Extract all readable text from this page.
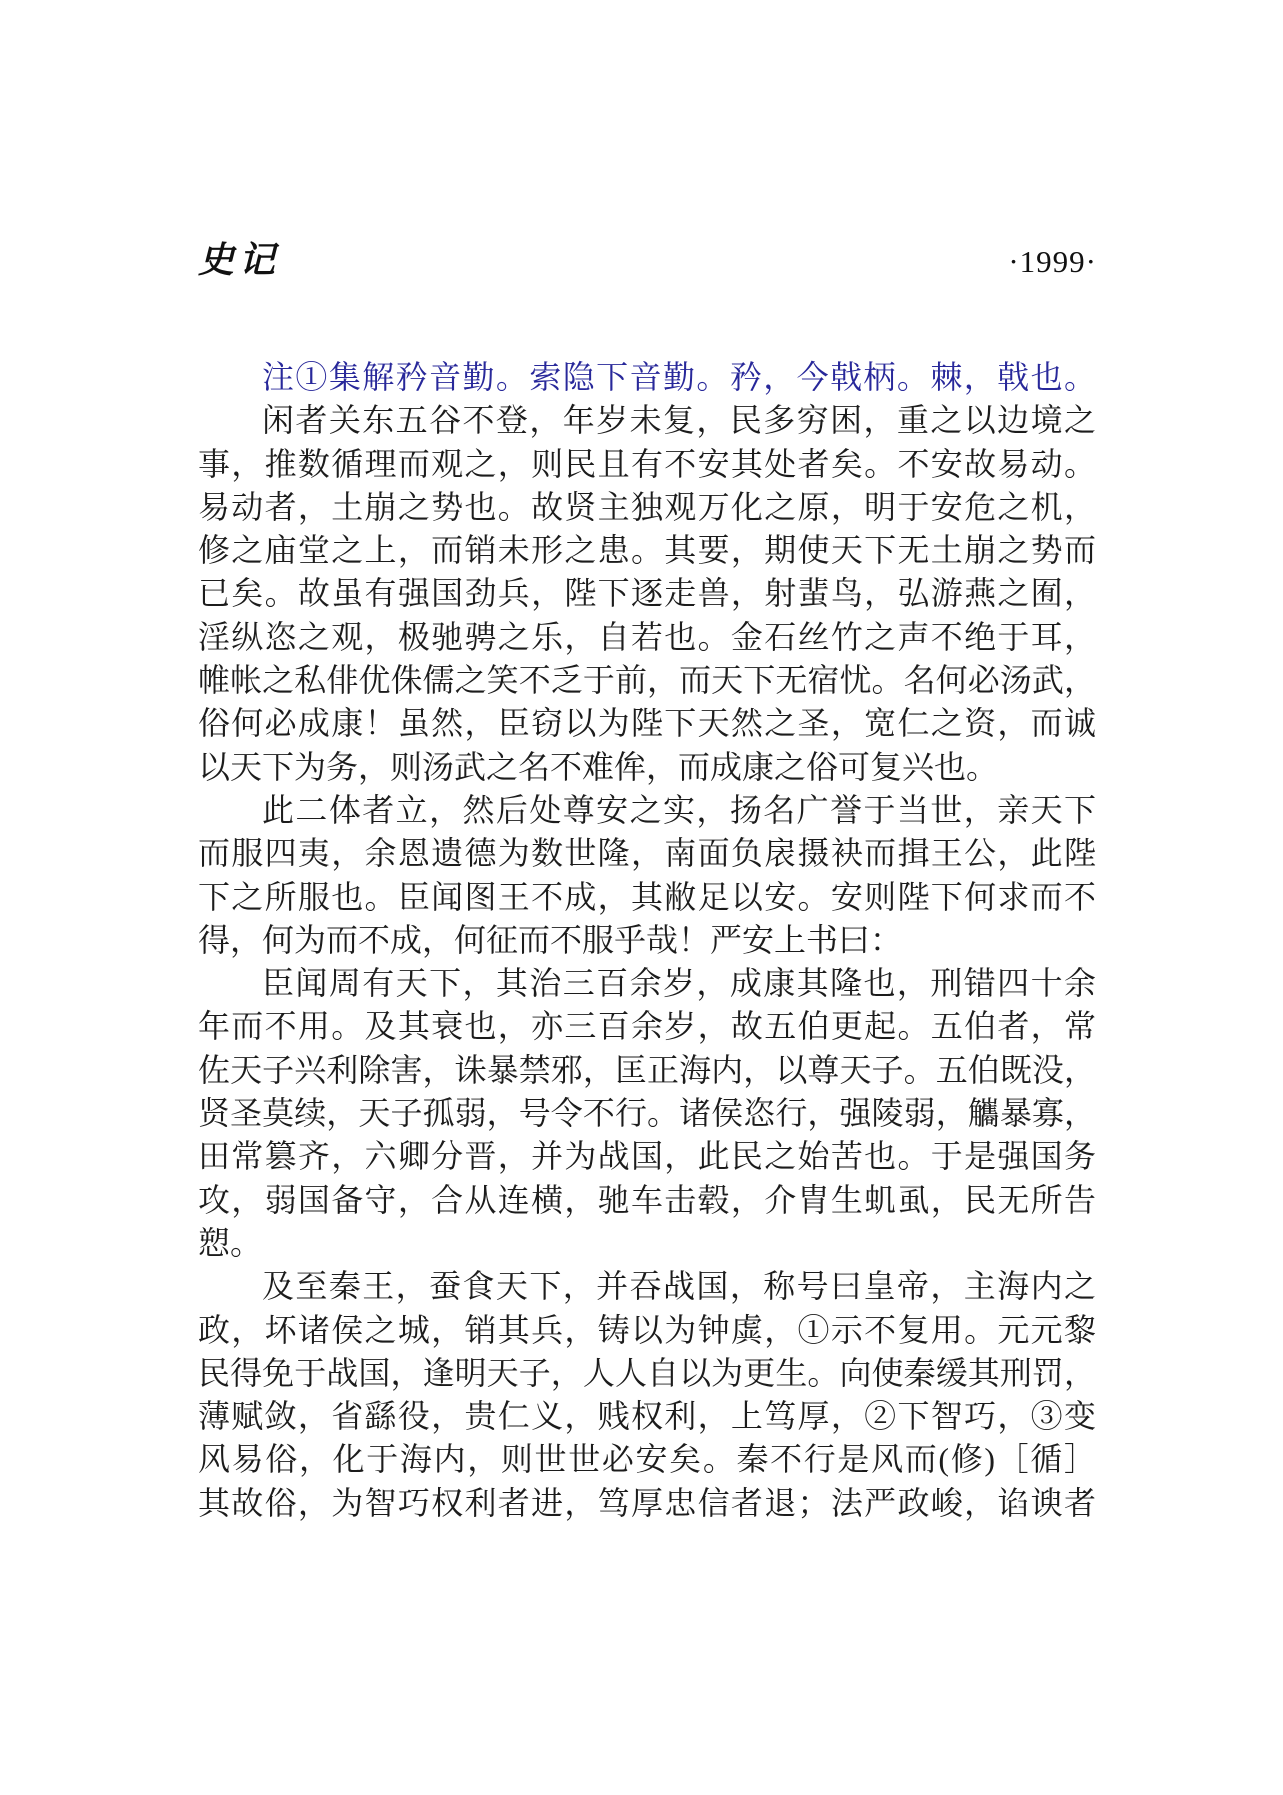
史记	·1999·
注①集解矜音勤。索隐下音勤。矜，今戟柄。棘，戟也。
闲者关东五谷不登，年岁未复，民多穷困，重之以边境之
事，推数循理而观之，则民且有不安其处者矣。不安故易动。
易动者，土崩之势也。故贤主独观万化之原，明于安危之机，
修之庙堂之上，而销未形之患。其要，期使天下无土崩之势而
已矣。故虽有强国劲兵，陛下逐走兽，射蜚鸟，弘游燕之囿，
淫纵恣之观，极驰骋之乐，自若也。金石丝竹之声不绝于耳，
帷帐之私俳优侏儒之笑不乏于前，而天下无宿忧。名何必汤武，
俗何必成康！虽然，臣窃以为陛下天然之圣，宽仁之资，而诚
以天下为务，则汤武之名不难侔，而成康之俗可复兴也。
此二体者立，然后处尊安之实，扬名广誉于当世，亲天下
而服四夷，余恩遗德为数世隆，南面负扆摄袂而揖王公，此陛
下之所服也。臣闻图王不成，其敝足以安。安则陛下何求而不
得，何为而不成，何征而不服乎哉！严安上书曰：
臣闻周有天下，其治三百余岁，成康其隆也，刑错四十余
年而不用。及其衰也，亦三百余岁，故五伯更起。五伯者，常
佐天子兴利除害，诛暴禁邪，匡正海内，以尊天子。五伯既没，
贤圣莫续，天子孤弱，号令不行。诸侯恣行，强陵弱，觿暴寡，
田常篡齐，六卿分晋，并为战国，此民之始苦也。于是强国务
攻，弱国备守，合从连横，驰车击毂，介胄生虮虱，民无所告
愬。
及至秦王，蚕食天下，并吞战国，称号曰皇帝，主海内之
政，坏诸侯之城，销其兵，铸以为钟虡，①示不复用。元元黎
民得免于战国，逢明天子，人人自以为更生。向使秦缓其刑罚，
薄赋敛，省繇役，贵仁义，贱权利，上笃厚，②下智巧，③变
风易俗，化于海内，则世世必安矣。秦不行是风而(修)［循］
其故俗，为智巧权利者进，笃厚忠信者退；法严政峻，谄谀者
